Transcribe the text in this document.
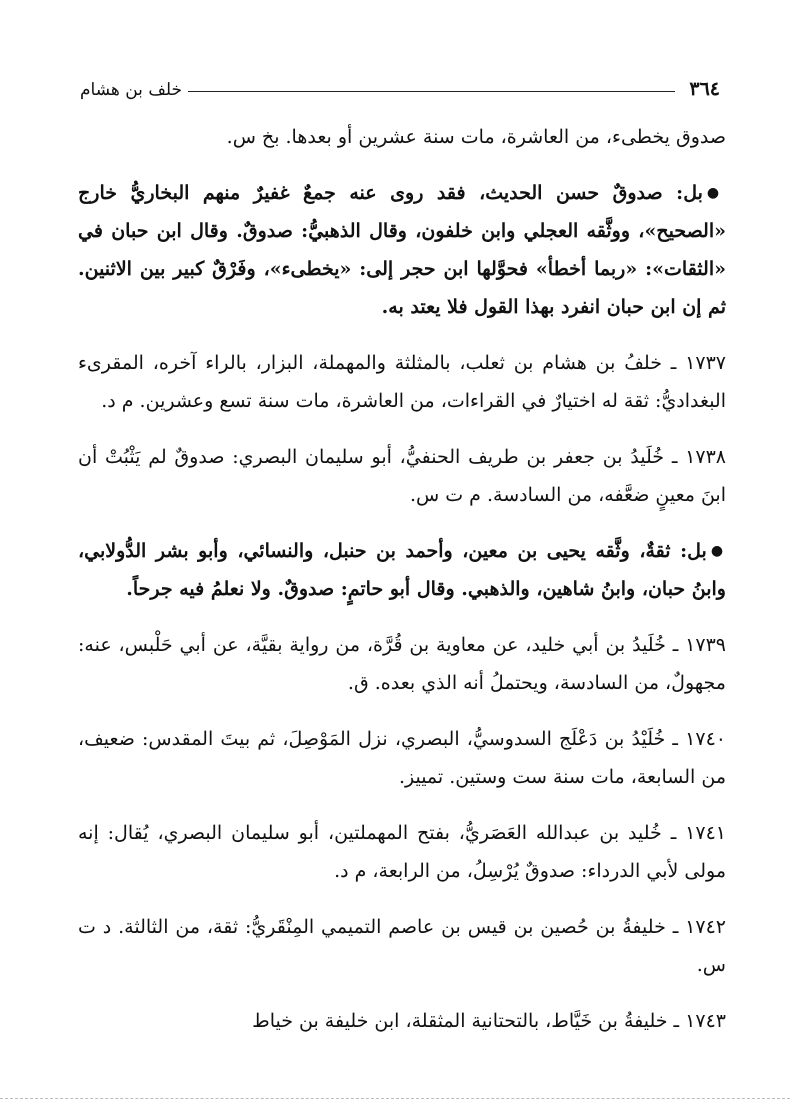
٣٦٤
خلف بن هشام

صدوق يخطىء، من العاشرة، مات سنة عشرين أو بعدها. بخ س.

●بل: صدوقٌ حسن الحديث، فقد روى عنه جمعٌ غفيرٌ منهم البخاريُّ خارج «الصحيح»، ووثَّقه العجلي وابن خلفون، وقال الذهبيُّ: صدوقٌ. وقال ابن حبان في «الثقات»: «ربما أخطأ» فحوَّلها ابن حجر إلى: «يخطىء»، وفَرْقٌ كبير بين الاثنين. ثم إن ابن حبان انفرد بهذا القول فلا يعتد به.

١٧٣٧ ـ خلفُ بن هشام بن ثعلب، بالمثلثة والمهملة، البزار، بالراء آخره، المقرىء البغداديُّ: ثقة له اختيارٌ في القراءات، من العاشرة، مات سنة تسع وعشرين. م د.

١٧٣٨ ـ خُلَيدُ بن جعفر بن طريف الحنفيُّ، أبو سليمان البصري: صدوقٌ لم يَثْبُتْ أن ابنَ معينٍ ضعَّفه، من السادسة. م ت س.

●بل: ثقةٌ، وثَّقه يحيى بن معين، وأحمد بن حنبل، والنسائي، وأبو بشر الدُّولابي، وابنُ حبان، وابنُ شاهين، والذهبي. وقال أبو حاتمٍ: صدوقٌ. ولا نعلمُ فيه جرحاً.

١٧٣٩ ـ خُلَيدُ بن أبي خليد، عن معاوية بن قُرَّة، من رواية بقيَّة، عن أبي حَلْبس، عنه: مجهولٌ، من السادسة، ويحتملُ أنه الذي بعده. ق.

١٧٤٠ ـ خُلَيْدُ بن دَعْلَج السدوسيُّ، البصري، نزل المَوْصِلَ، ثم بيتَ المقدس: ضعيف، من السابعة، مات سنة ست وستين. تمييز.

١٧٤١ ـ خُليد بن عبدالله العَصَريُّ، بفتح المهملتين، أبو سليمان البصري، يُقال: إنه مولى لأبي الدرداء: صدوقٌ يُرْسِلُ، من الرابعة، م د.

١٧٤٢ ـ خليفةُ بن حُصين بن قيس بن عاصم التميمي المِنْقَريُّ: ثقة، من الثالثة. د ت س.

١٧٤٣ ـ خليفةُ بن خَيَّاط، بالتحتانية المثقلة، ابن خليفة بن خياط
